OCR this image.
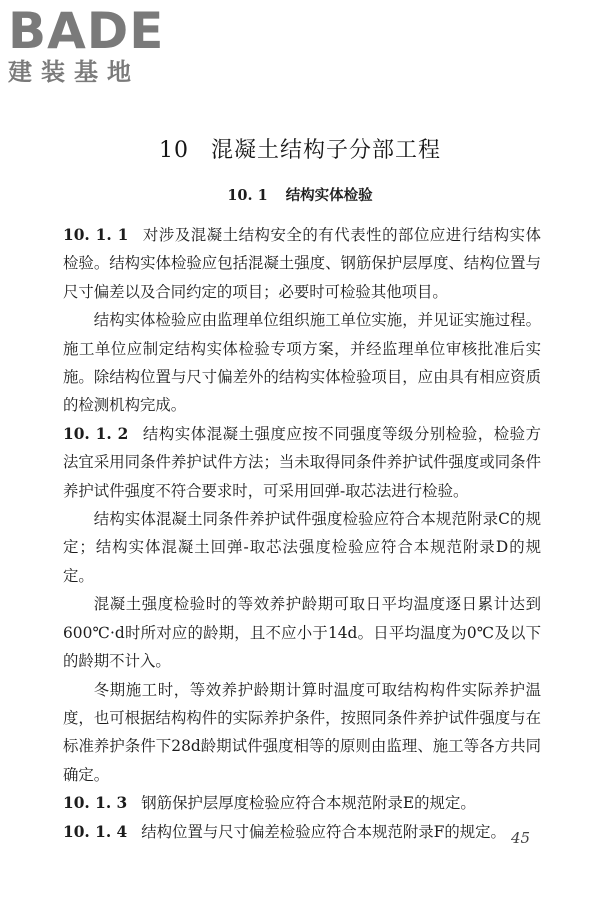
BADE
建装基地
10 混凝土结构子分部工程
10. 1 结构实体检验

10. 1. 1 对涉及混凝土结构安全的有代表性的部位应进行结构实体检验。结构实体检验应包括混凝土强度、钢筋保护层厚度、结构位置与尺寸偏差以及合同约定的项目；必要时可检验其他项目。

结构实体检验应由监理单位组织施工单位实施，并见证实施过程。施工单位应制定结构实体检验专项方案，并经监理单位审核批准后实施。除结构位置与尺寸偏差外的结构实体检验项目，应由具有相应资质的检测机构完成。

10. 1. 2 结构实体混凝土强度应按不同强度等级分别检验，检验方法宜采用同条件养护试件方法；当未取得同条件养护试件强度或同条件养护试件强度不符合要求时，可采用回弹-取芯法进行检验。

结构实体混凝土同条件养护试件强度检验应符合本规范附录C的规定；结构实体混凝土回弹-取芯法强度检验应符合本规范附录D的规定。

混凝土强度检验时的等效养护龄期可取日平均温度逐日累计达到600℃·d时所对应的龄期，且不应小于14d。日平均温度为0℃及以下的龄期不计入。

冬期施工时，等效养护龄期计算时温度可取结构构件实际养护温度，也可根据结构构件的实际养护条件，按照同条件养护试件强度与在标准养护条件下28d龄期试件强度相等的原则由监理、施工等各方共同确定。

10. 1. 3 钢筋保护层厚度检验应符合本规范附录E的规定。

10. 1. 4 结构位置与尺寸偏差检验应符合本规范附录F的规定。 45
